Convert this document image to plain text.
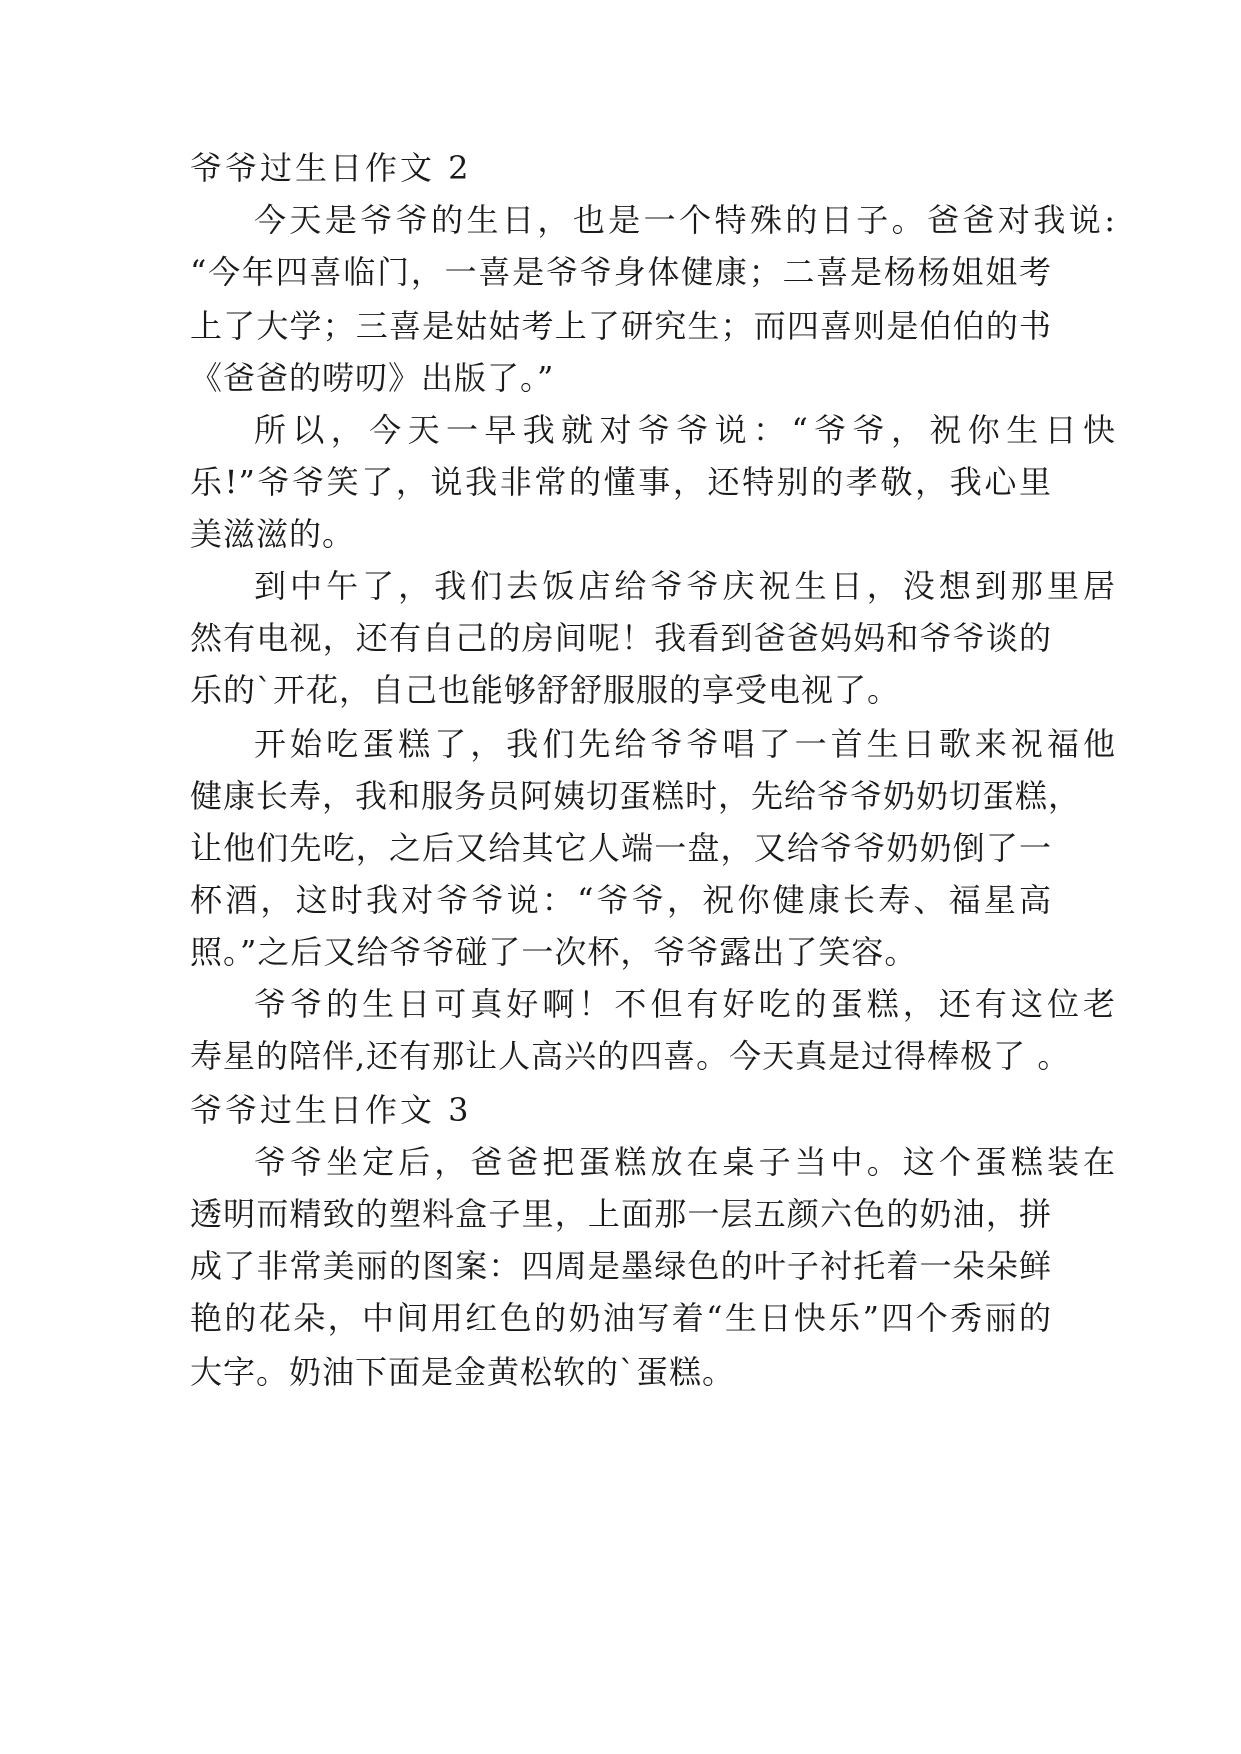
爷爷过生日作文 2
今天是爷爷的生日，也是一个特殊的日子。爸爸对我说:
“今年四喜临门，一喜是爷爷身体健康；二喜是杨杨姐姐考
上了大学；三喜是姑姑考上了研究生；而四喜则是伯伯的书
《爸爸的唠叨》出版了。”
所以，今天一早我就对爷爷说：“爷爷，祝你生日快
乐!”爷爷笑了，说我非常的懂事，还特别的孝敬，我心里
美滋滋的。
到中午了，我们去饭店给爷爷庆祝生日，没想到那里居
然有电视，还有自己的房间呢！我看到爸爸妈妈和爷爷谈的
乐的`开花，自己也能够舒舒服服的享受电视了。
开始吃蛋糕了，我们先给爷爷唱了一首生日歌来祝福他
健康长寿，我和服务员阿姨切蛋糕时，先给爷爷奶奶切蛋糕，
让他们先吃，之后又给其它人端一盘，又给爷爷奶奶倒了一
杯酒，这时我对爷爷说：“爷爷，祝你健康长寿、福星高
照。”之后又给爷爷碰了一次杯，爷爷露出了笑容。
爷爷的生日可真好啊！不但有好吃的蛋糕，还有这位老
寿星的陪伴,还有那让人高兴的四喜。今天真是过得棒极了 。
爷爷过生日作文 3
爷爷坐定后，爸爸把蛋糕放在桌子当中。这个蛋糕装在
透明而精致的塑料盒子里，上面那一层五颜六色的奶油，拼
成了非常美丽的图案：四周是墨绿色的叶子衬托着一朵朵鲜
艳的花朵，中间用红色的奶油写着“生日快乐”四个秀丽的
大字。奶油下面是金黄松软的`蛋糕。
